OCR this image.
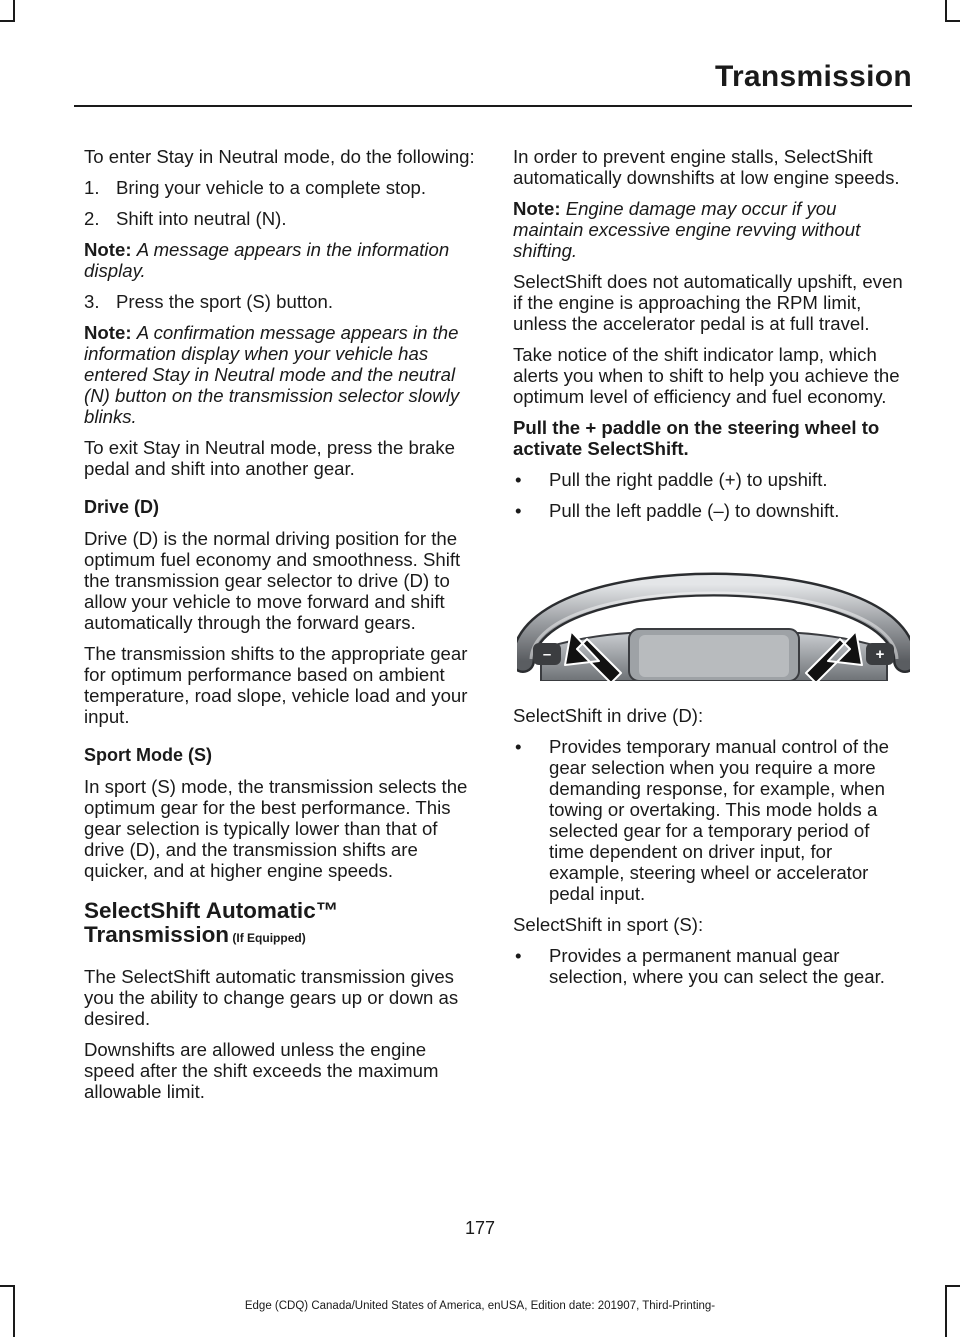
Transmission

To enter Stay in Neutral mode, do the following:

1. Bring your vehicle to a complete stop.
2. Shift into neutral (N).

Note: A message appears in the information display.

3. Press the sport (S) button.

Note: A confirmation message appears in the information display when your vehicle has entered Stay in Neutral mode and the neutral (N) button on the transmission selector slowly blinks.

To exit Stay in Neutral mode, press the brake pedal and shift into another gear.

Drive (D)

Drive (D) is the normal driving position for the optimum fuel economy and smoothness. Shift the transmission gear selector to drive (D) to allow your vehicle to move forward and shift automatically through the forward gears.

The transmission shifts to the appropriate gear for optimum performance based on ambient temperature, road slope, vehicle load and your input.

Sport Mode (S)

In sport (S) mode, the transmission selects the optimum gear for the best performance. This gear selection is typically lower than that of drive (D), and the transmission shifts are quicker, and at higher engine speeds.

SelectShift Automatic™ Transmission (If Equipped)

The SelectShift automatic transmission gives you the ability to change gears up or down as desired.

Downshifts are allowed unless the engine speed after the shift exceeds the maximum allowable limit.

In order to prevent engine stalls, SelectShift automatically downshifts at low engine speeds.

Note: Engine damage may occur if you maintain excessive engine revving without shifting.

SelectShift does not automatically upshift, even if the engine is approaching the RPM limit, unless the accelerator pedal is at full travel.

Take notice of the shift indicator lamp, which alerts you when to shift to help you achieve the optimum level of efficiency and fuel economy.

Pull the + paddle on the steering wheel to activate SelectShift.

•	Pull the right paddle (+) to upshift.
•	Pull the left paddle (–) to downshift.
–	+

SelectShift in drive (D):

•	Provides temporary manual control of the gear selection when you require a more demanding response, for example, when towing or overtaking. This mode holds a selected gear for a temporary period of time dependent on driver input, for example, steering wheel or accelerator pedal input.

SelectShift in sport (S):

•	Provides a permanent manual gear selection, where you can select the gear.
177
Edge (CDQ) Canada/United States of America, enUSA, Edition date: 201907, Third-Printing-
